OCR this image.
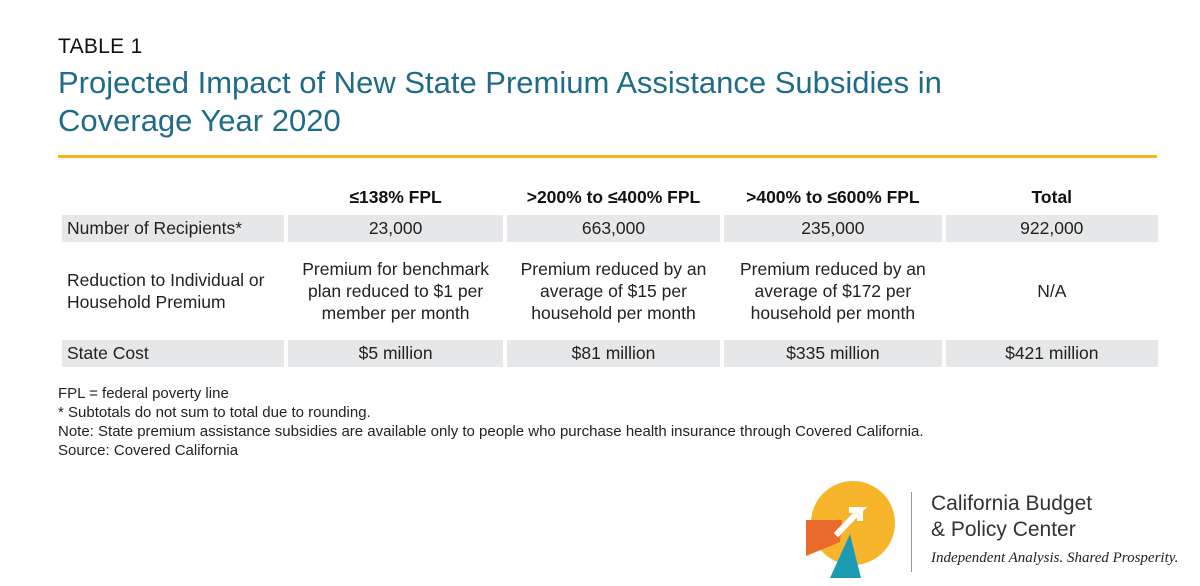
TABLE 1
Projected Impact of New State Premium Assistance Subsidies in Coverage Year 2020
	≤138% FPL	>200% to ≤400% FPL	>400% to ≤600% FPL	Total
Number of Recipients*	23,000	663,000	235,000	922,000
Reduction to Individual or Household Premium	Premium for benchmark plan reduced to $1 per member per month	Premium reduced by an average of $15 per household per month	Premium reduced by an average of $172 per household per month	N/A
State Cost	$5 million	$81 million	$335 million	$421 million
FPL = federal poverty line
* Subtotals do not sum to total due to rounding.
Note: State premium assistance subsidies are available only to people who purchase health insurance through Covered California.
Source: Covered California
California Budget
& Policy Center
Independent Analysis. Shared Prosperity.
